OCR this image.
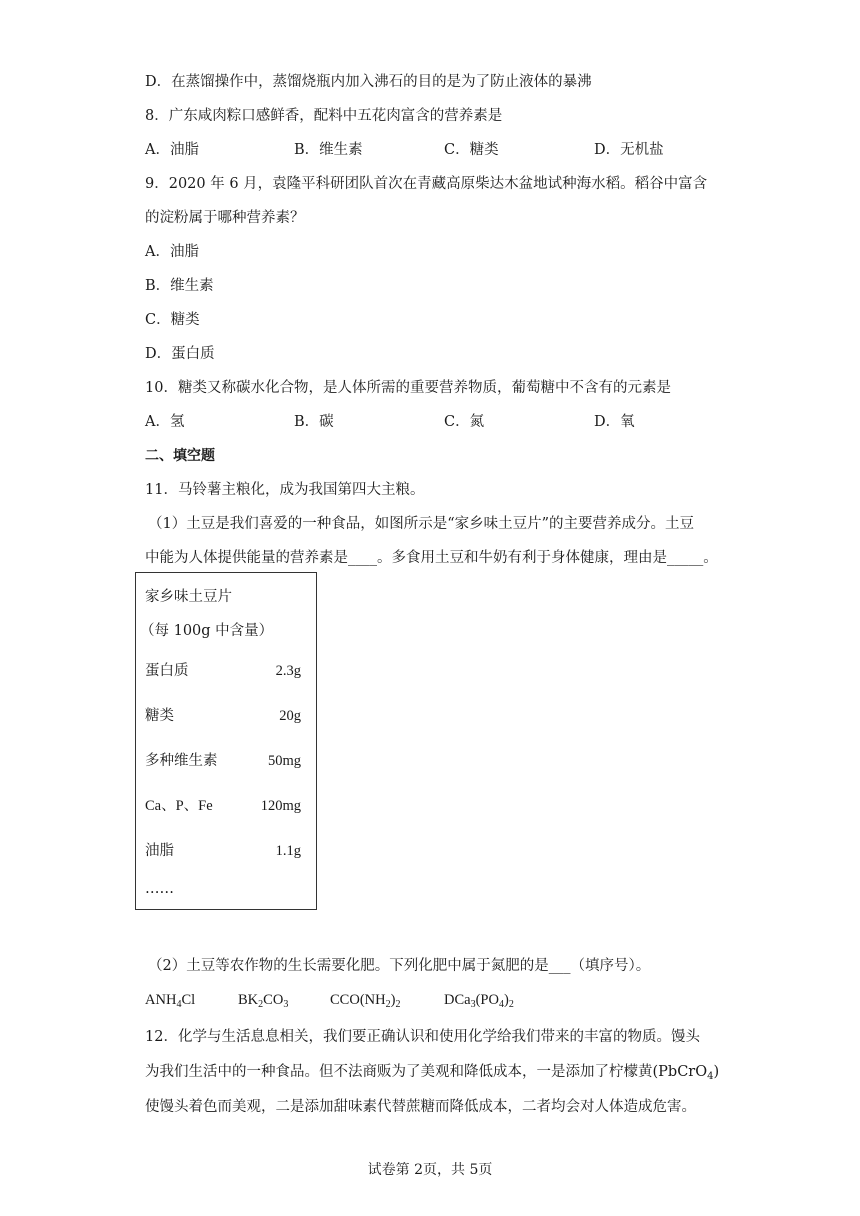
D．在蒸馏操作中，蒸馏烧瓶内加入沸石的目的是为了防止液体的暴沸
8．广东咸肉粽口感鲜香，配料中五花肉富含的营养素是
A．油脂	B．维生素	C．糖类	D．无机盐
9．2020 年 6 月，袁隆平科研团队首次在青藏高原柴达木盆地试种海水稻。稻谷中富含
的淀粉属于哪种营养素？
A．油脂
B．维生素
C．糖类
D．蛋白质
10．糖类又称碳水化合物，是人体所需的重要营养物质，葡萄糖中不含有的元素是
A．氢	B．碳	C．氮	D．氧
二、填空题
11．马铃薯主粮化，成为我国第四大主粮。
（1）土豆是我们喜爱的一种食品，如图所示是“家乡味土豆片”的主要营养成分。土豆
中能为人体提供能量的营养素是____。多食用土豆和牛奶有利于身体健康，理由是_____。
家乡味土豆片
（每 100g 中含量）
蛋白质	2.3g
糖类	20g
多种维生素	50mg
Ca、P、Fe	120mg
油脂	1.1g
……
（2）土豆等农作物的生长需要化肥。下列化肥中属于氮肥的是___（填序号）。
$ANH_4Cl$	$BK_2CO_3$	$CCO(NH_2)_2$	$DCa_3(PO_4)_2$
12．化学与生活息息相关，我们要正确认识和使用化学给我们带来的丰富的物质。馒头
为我们生活中的一种食品。但不法商贩为了美观和降低成本，一是添加了柠檬黄(PbCrO$_4$)
使馒头着色而美观，二是添加甜味素代替蔗糖而降低成本，二者均会对人体造成危害。
试卷第 2页，共 5页
